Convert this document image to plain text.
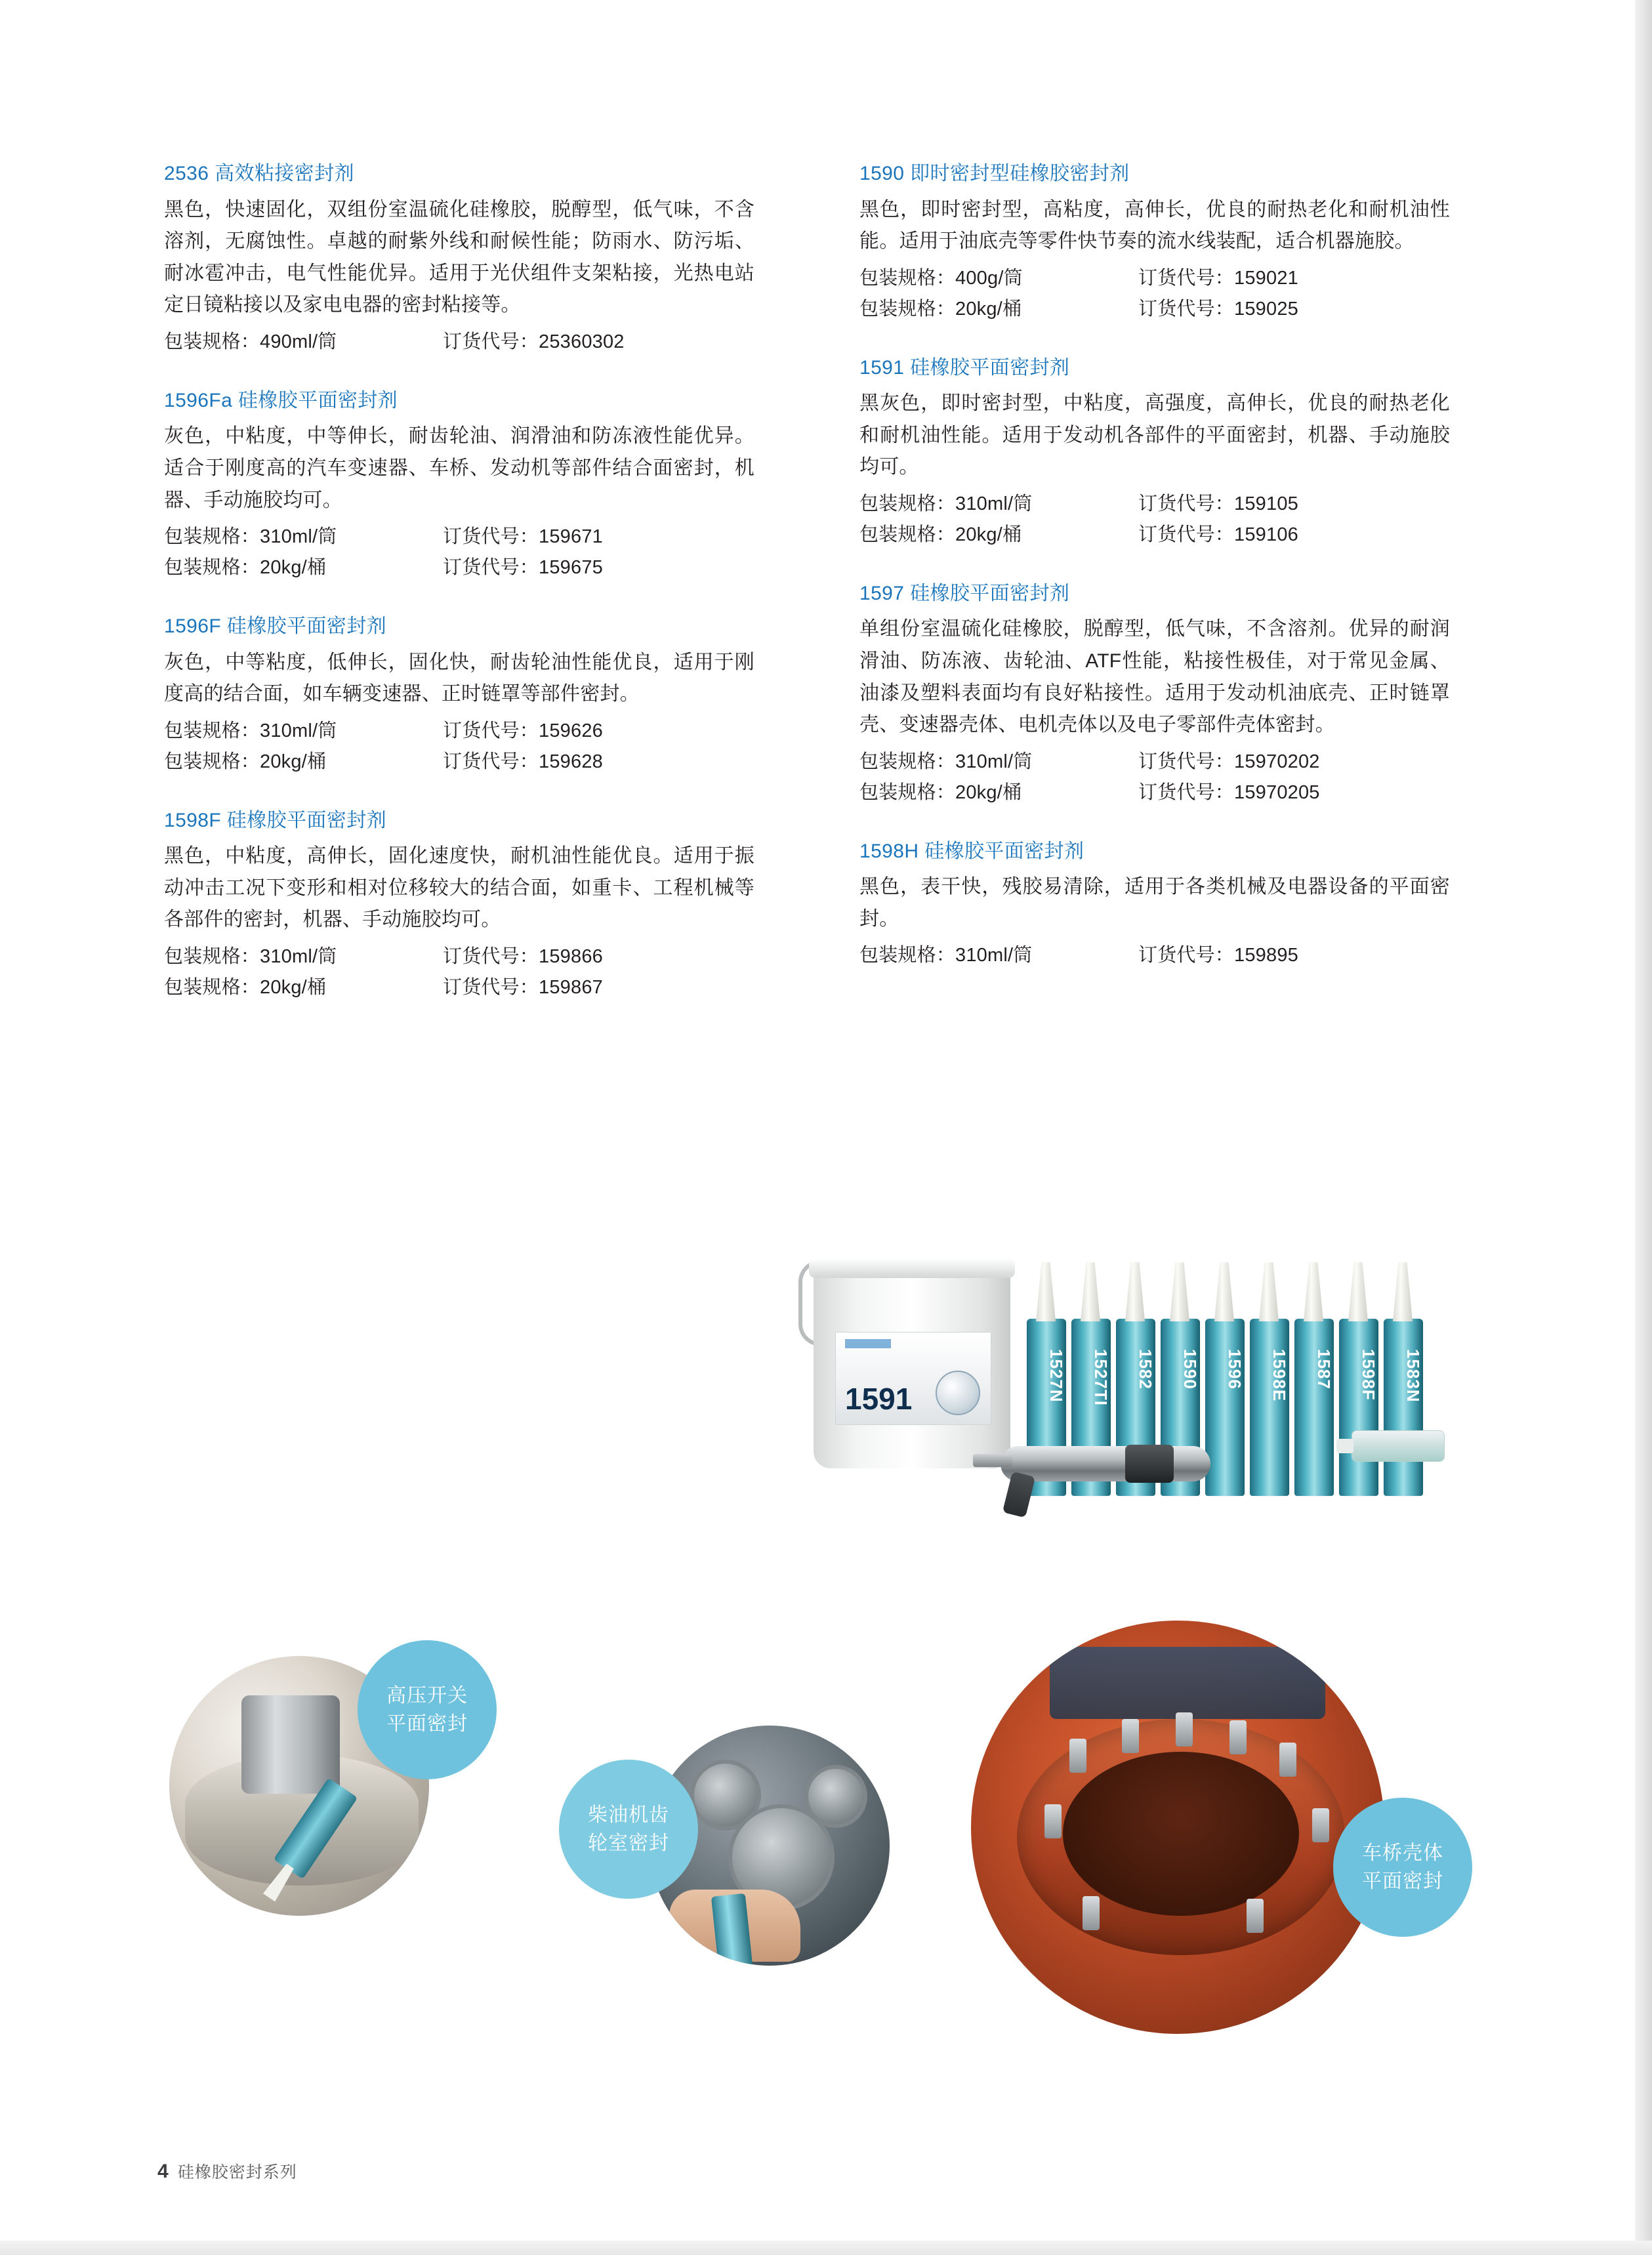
2536 高效粘接密封剂

黑色，快速固化，双组份室温硫化硅橡胶，脱醇型，低气味，不含溶剂，无腐蚀性。卓越的耐紫外线和耐候性能；防雨水、防污垢、耐冰雹冲击，电气性能优异。适用于光伏组件支架粘接，光热电站定日镜粘接以及家电电器的密封粘接等。

包装规格：490ml/筒	订货代号：25360302
1596Fa 硅橡胶平面密封剂

灰色，中粘度，中等伸长，耐齿轮油、润滑油和防冻液性能优异。适合于刚度高的汽车变速器、车桥、发动机等部件结合面密封，机器、手动施胶均可。

包装规格：310ml/筒	订货代号：159671
包装规格：20kg/桶	订货代号：159675
1596F 硅橡胶平面密封剂

灰色，中等粘度，低伸长，固化快，耐齿轮油性能优良，适用于刚度高的结合面，如车辆变速器、正时链罩等部件密封。

包装规格：310ml/筒	订货代号：159626
包装规格：20kg/桶	订货代号：159628
1598F 硅橡胶平面密封剂

黑色，中粘度，高伸长，固化速度快，耐机油性能优良。适用于振动冲击工况下变形和相对位移较大的结合面，如重卡、工程机械等各部件的密封，机器、手动施胶均可。

包装规格：310ml/筒	订货代号：159866
包装规格：20kg/桶	订货代号：159867
1590 即时密封型硅橡胶密封剂

黑色，即时密封型，高粘度，高伸长，优良的耐热老化和耐机油性能。适用于油底壳等零件快节奏的流水线装配，适合机器施胶。

包装规格：400g/筒	订货代号：159021
包装规格：20kg/桶	订货代号：159025
1591 硅橡胶平面密封剂

黑灰色，即时密封型，中粘度，高强度，高伸长，优良的耐热老化和耐机油性能。适用于发动机各部件的平面密封，机器、手动施胶均可。

包装规格：310ml/筒	订货代号：159105
包装规格：20kg/桶	订货代号：159106
1597 硅橡胶平面密封剂

单组份室温硫化硅橡胶，脱醇型，低气味，不含溶剂。优异的耐润滑油、防冻液、齿轮油、ATF性能，粘接性极佳，对于常见金属、油漆及塑料表面均有良好粘接性。适用于发动机油底壳、正时链罩壳、变速器壳体、电机壳体以及电子零部件壳体密封。

包装规格：310ml/筒	订货代号：15970202
包装规格：20kg/桶	订货代号：15970205
1598H 硅橡胶平面密封剂

黑色，表干快，残胶易清除，适用于各类机械及电器设备的平面密封。

包装规格：310ml/筒	订货代号：159895
1591	1527N 1527TI 1582 1590 1596 1598E 1587 1598F 1583N
高压开关
平面密封
柴油机齿
轮室密封	车桥壳体
平面密封
4 硅橡胶密封系列
